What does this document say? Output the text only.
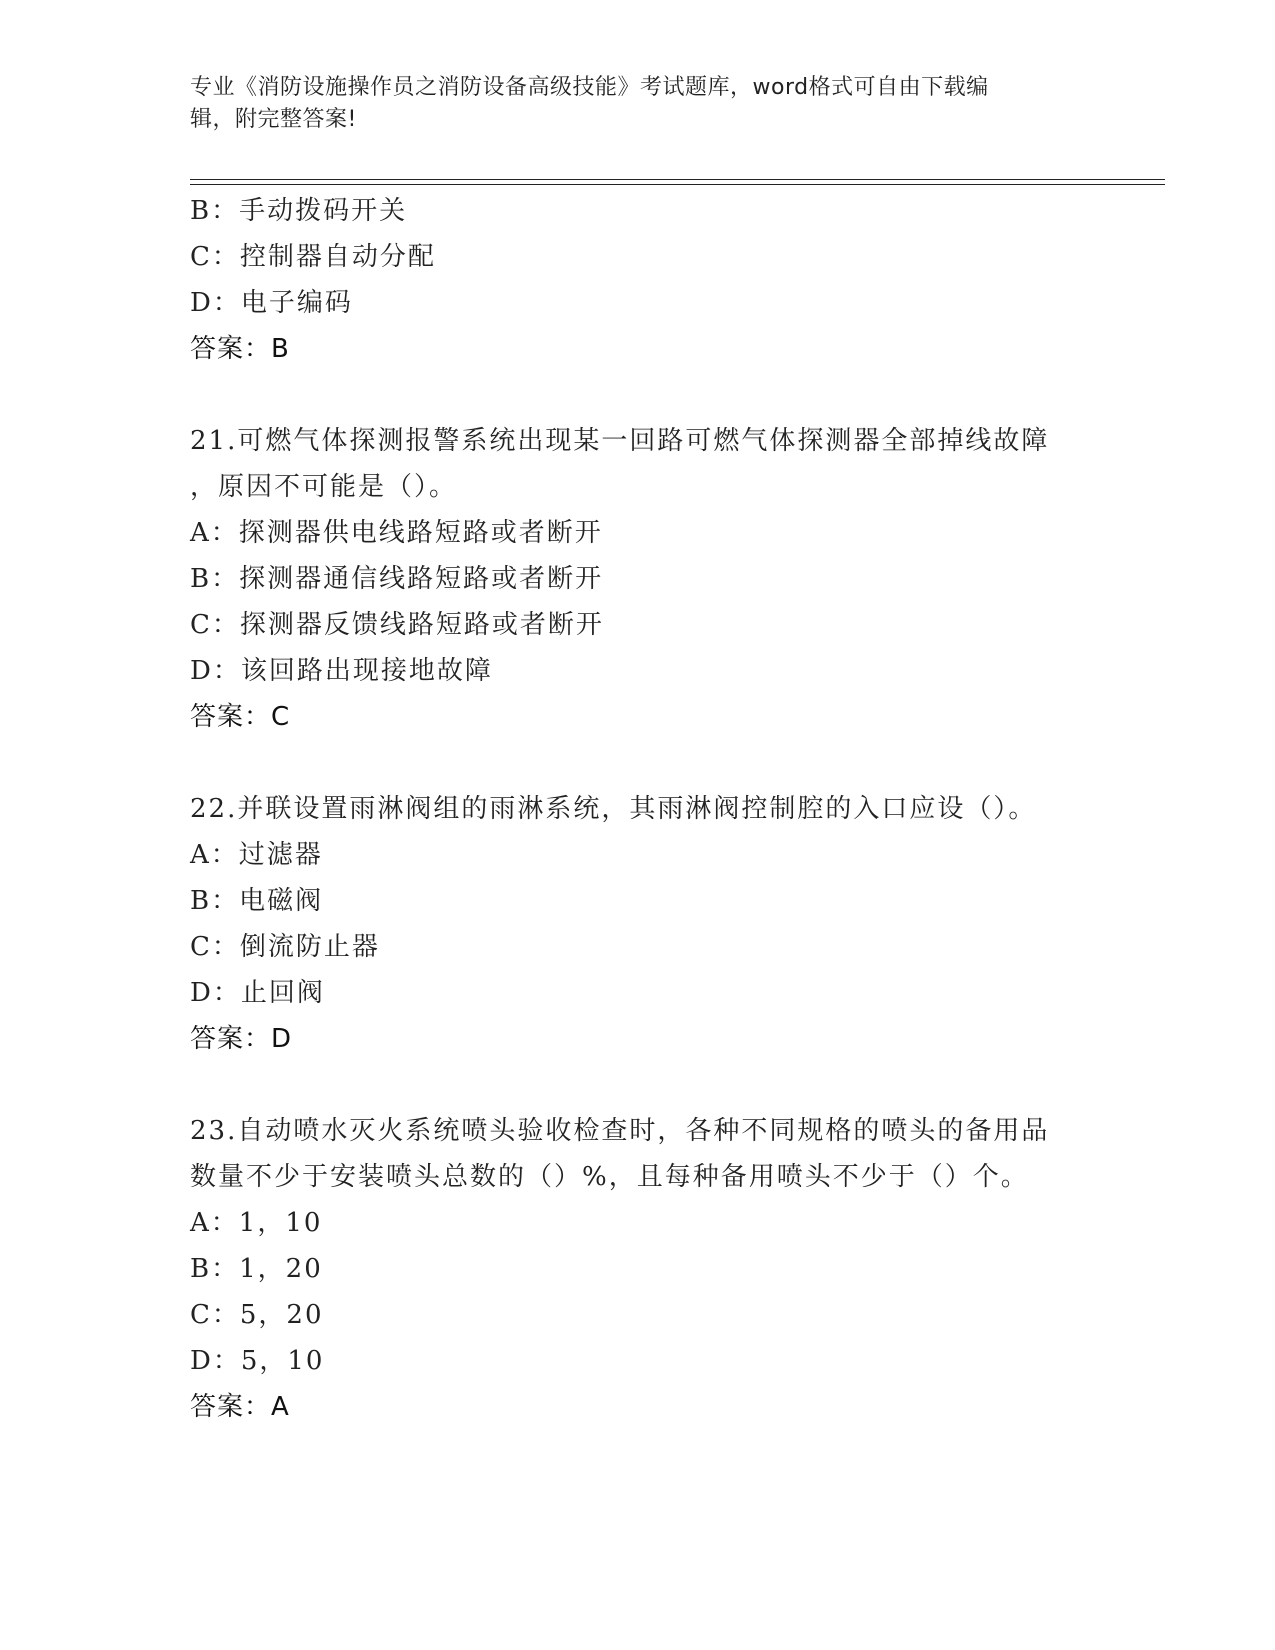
专业《消防设施操作员之消防设备高级技能》考试题库，word格式可自由下载编
辑，附完整答案!
B：手动拨码开关
C：控制器自动分配
D：电子编码
答案：B
21.可燃气体探测报警系统出现某一回路可燃气体探测器全部掉线故障
，原因不可能是（）。
A：探测器供电线路短路或者断开
B：探测器通信线路短路或者断开
C：探测器反馈线路短路或者断开
D：该回路出现接地故障
答案：C
22.并联设置雨淋阀组的雨淋系统，其雨淋阀控制腔的入口应设（）。
A：过滤器
B：电磁阀
C：倒流防止器
D：止回阀
答案：D
23.自动喷水灭火系统喷头验收检查时，各种不同规格的喷头的备用品
数量不少于安装喷头总数的（）%，且每种备用喷头不少于（）个。
A：1，10
B：1，20
C：5，20
D：5，10
答案：A
